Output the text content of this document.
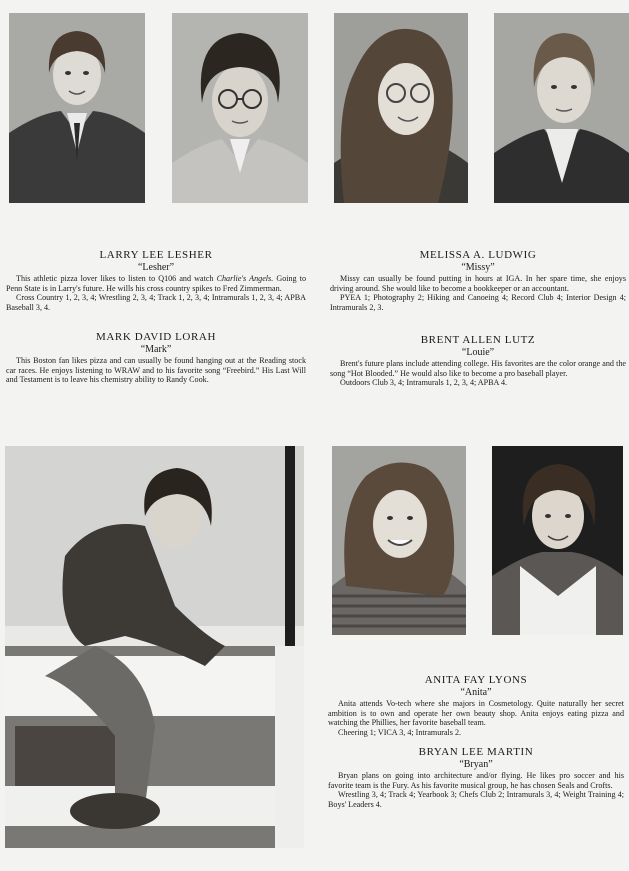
LARRY LEE LESHER
“Lesher”

This athletic pizza lover likes to listen to Q106 and watch Charlie's Angels. Going to Penn State is in Larry's future. He wills his cross country spikes to Fred Zimmerman.

Cross Country 1, 2, 3, 4; Wrestling 2, 3, 4; Track 1, 2, 3, 4; Intramurals 1, 2, 3, 4; APBA Baseball 3, 4.

MARK DAVID LORAH
“Mark”

This Boston fan likes pizza and can usually be found hanging out at the Reading stock car races. He enjoys listening to WRAW and to his favorite song “Freebird.” His Last Will and Testament is to leave his chemistry ability to Randy Cook.

MELISSA A. LUDWIG
“Missy”

Missy can usually be found putting in hours at IGA. In her spare time, she enjoys driving around. She would like to become a bookkeeper or an accountant.

PYEA 1; Photography 2; Hiking and Canoeing 4; Record Club 4; Interior Design 4; Intramurals 2, 3.

BRENT ALLEN LUTZ
“Louie”

Brent's future plans include attending college. His favorites are the color orange and the song “Hot Blooded.” He would also like to become a pro baseball player.

Outdoors Club 3, 4; Intramurals 1, 2, 3, 4; APBA 4.

ANITA FAY LYONS
“Anita”

Anita attends Vo-tech where she majors in Cosmetology. Quite naturally her secret ambition is to own and operate her own beauty shop. Anita enjoys eating pizza and watching the Phillies, her favorite baseball team.

Cheering 1; VICA 3, 4; Intramurals 2.

BRYAN LEE MARTIN
“Bryan”

Bryan plans on going into architecture and/or flying. He likes pro soccer and his favorite team is the Fury. As his favorite musical group, he has chosen Seals and Crofts.

Wrestling 3, 4; Track 4; Yearbook 3; Chefs Club 2; Intramurals 3, 4; Weight Training 4; Boys' Leaders 4.
